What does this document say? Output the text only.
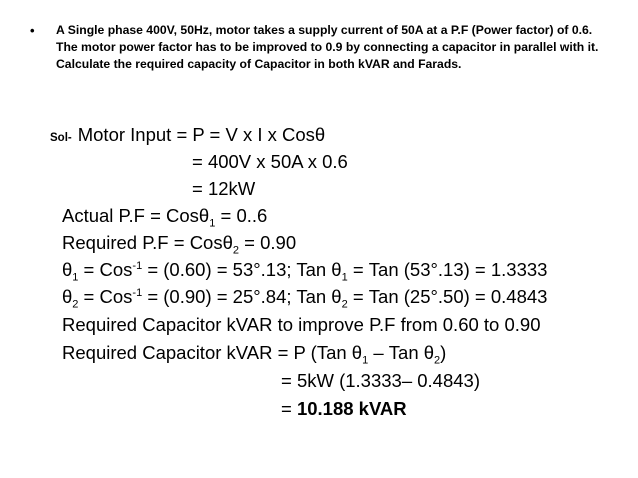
•	A Single phase 400V, 50Hz, motor takes a supply current of 50A at a P.F (Power factor) of 0.6. The motor power factor has to be improved to 0.9 by connecting a capacitor in parallel with it. Calculate the required capacity of Capacitor in both kVAR and Farads.
Sol- Motor Input = P = V x I x Cosθ
= 400V x 50A x 0.6
= 12kW
Actual P.F = Cosθ$_1$ = 0..6
Required P.F = Cosθ$_2$ = 0.90
$\theta_1 = Cos^{-1} = (0.60) = 53^\circ.13$; Tan $\theta_1$ = Tan (53°.13) = 1.3333
$\theta_2 = Cos^{-1} = (0.90) = 25^\circ.84$; Tan $\theta_2$ = Tan (25°.50) = 0.4843
Required Capacitor kVAR to improve P.F from 0.60 to 0.90
Required Capacitor kVAR = P (Tan $\theta_1$ – Tan $\theta_2$)
= 5kW (1.3333– 0.4843)
= 10.188 kVAR
